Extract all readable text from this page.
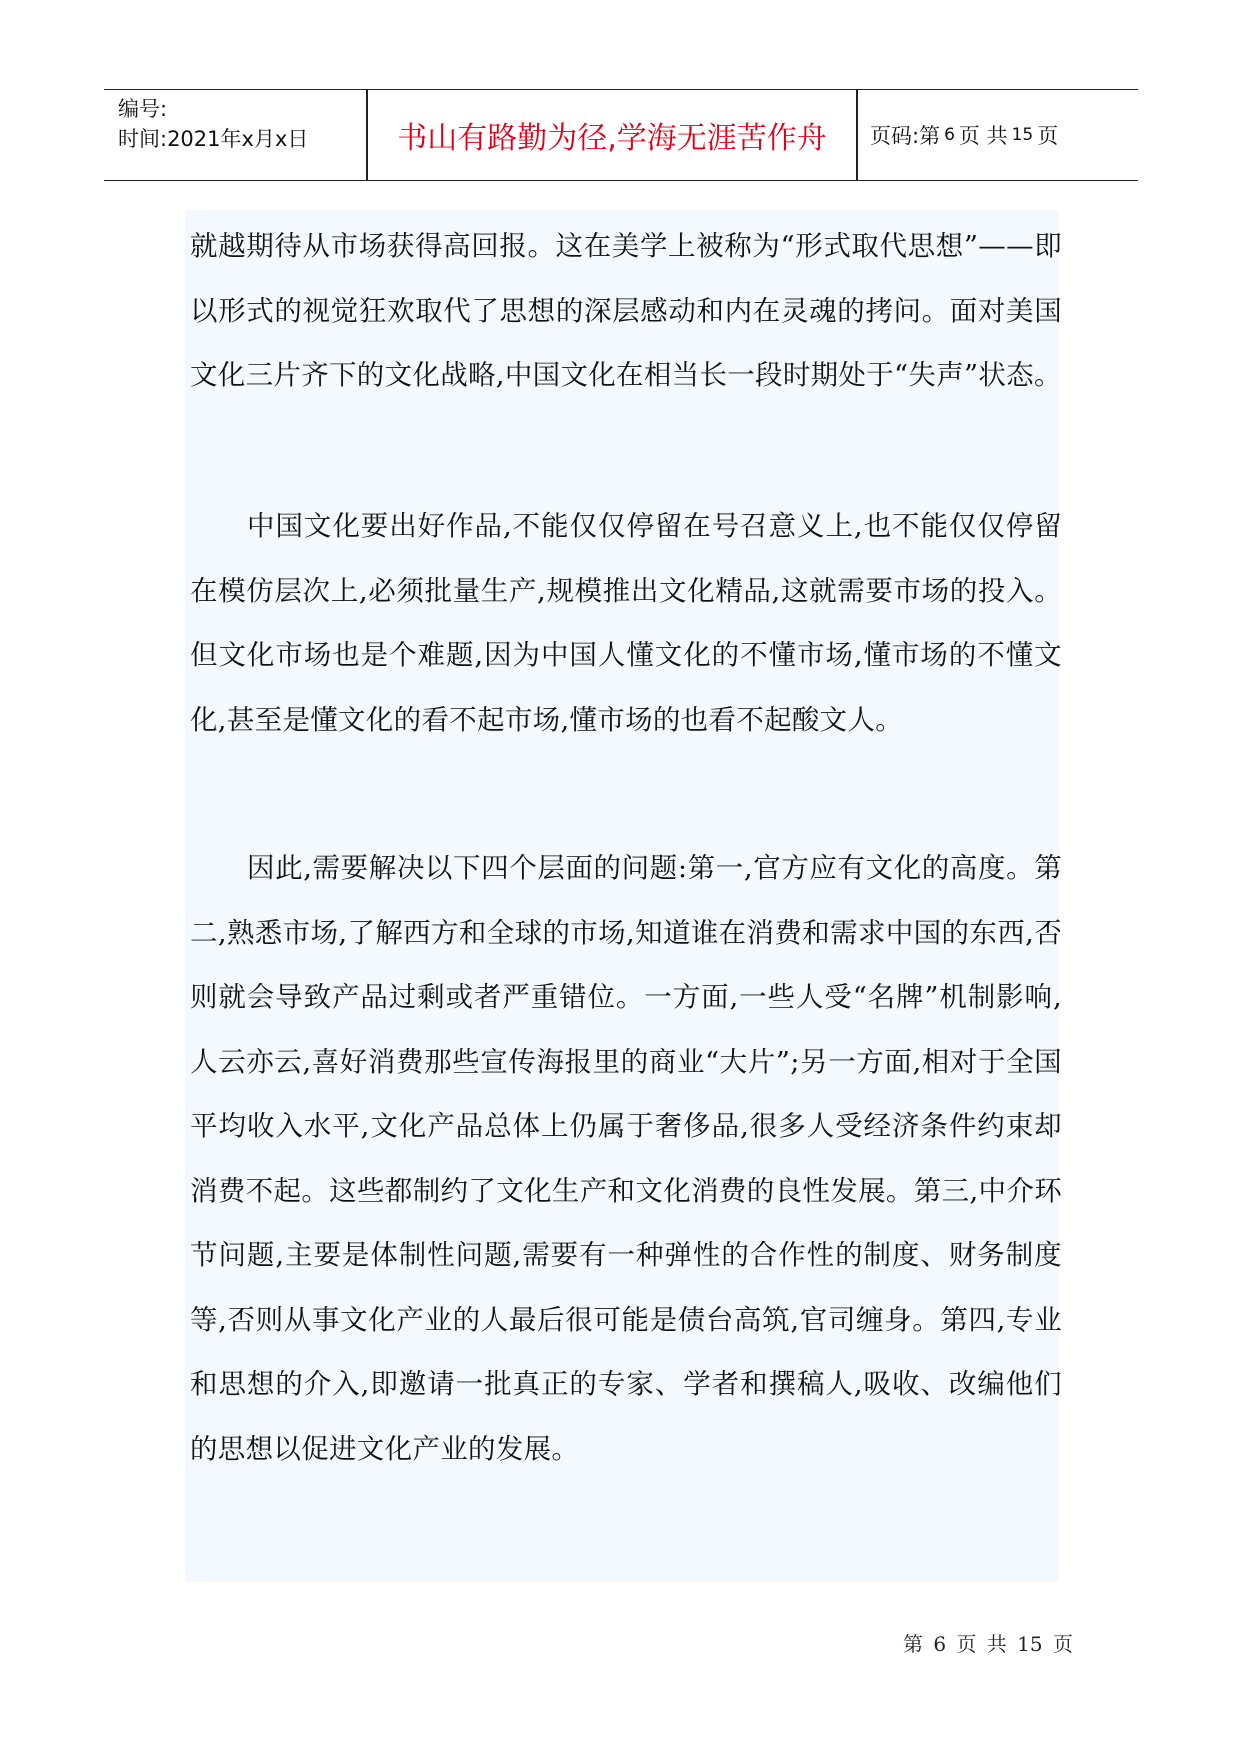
编号:
时间:2021年x月x日	书山有路勤为径,学海无涯苦作舟	页码:第 6 页 共 15 页

就越期待从市场获得高回报。这在美学上被称为“形式取代思想”——即以形式的视觉狂欢取代了思想的深层感动和内在灵魂的拷问。面对美国文化三片齐下的文化战略,中国文化在相当长一段时期处于“失声”状态。

中国文化要出好作品,不能仅仅停留在号召意义上,也不能仅仅停留在模仿层次上,必须批量生产,规模推出文化精品,这就需要市场的投入。但文化市场也是个难题,因为中国人懂文化的不懂市场,懂市场的不懂文化,甚至是懂文化的看不起市场,懂市场的也看不起酸文人。

因此,需要解决以下四个层面的问题:第一,官方应有文化的高度。第二,熟悉市场,了解西方和全球的市场,知道谁在消费和需求中国的东西,否则就会导致产品过剩或者严重错位。一方面,一些人受“名牌”机制影响,人云亦云,喜好消费那些宣传海报里的商业“大片”;另一方面,相对于全国平均收入水平,文化产品总体上仍属于奢侈品,很多人受经济条件约束却消费不起。这些都制约了文化生产和文化消费的良性发展。第三,中介环节问题,主要是体制性问题,需要有一种弹性的合作性的制度、财务制度等,否则从事文化产业的人最后很可能是债台高筑,官司缠身。第四,专业和思想的介入,即邀请一批真正的专家、学者和撰稿人,吸收、改编他们的思想以促进文化产业的发展。

第 6 页 共 15 页
